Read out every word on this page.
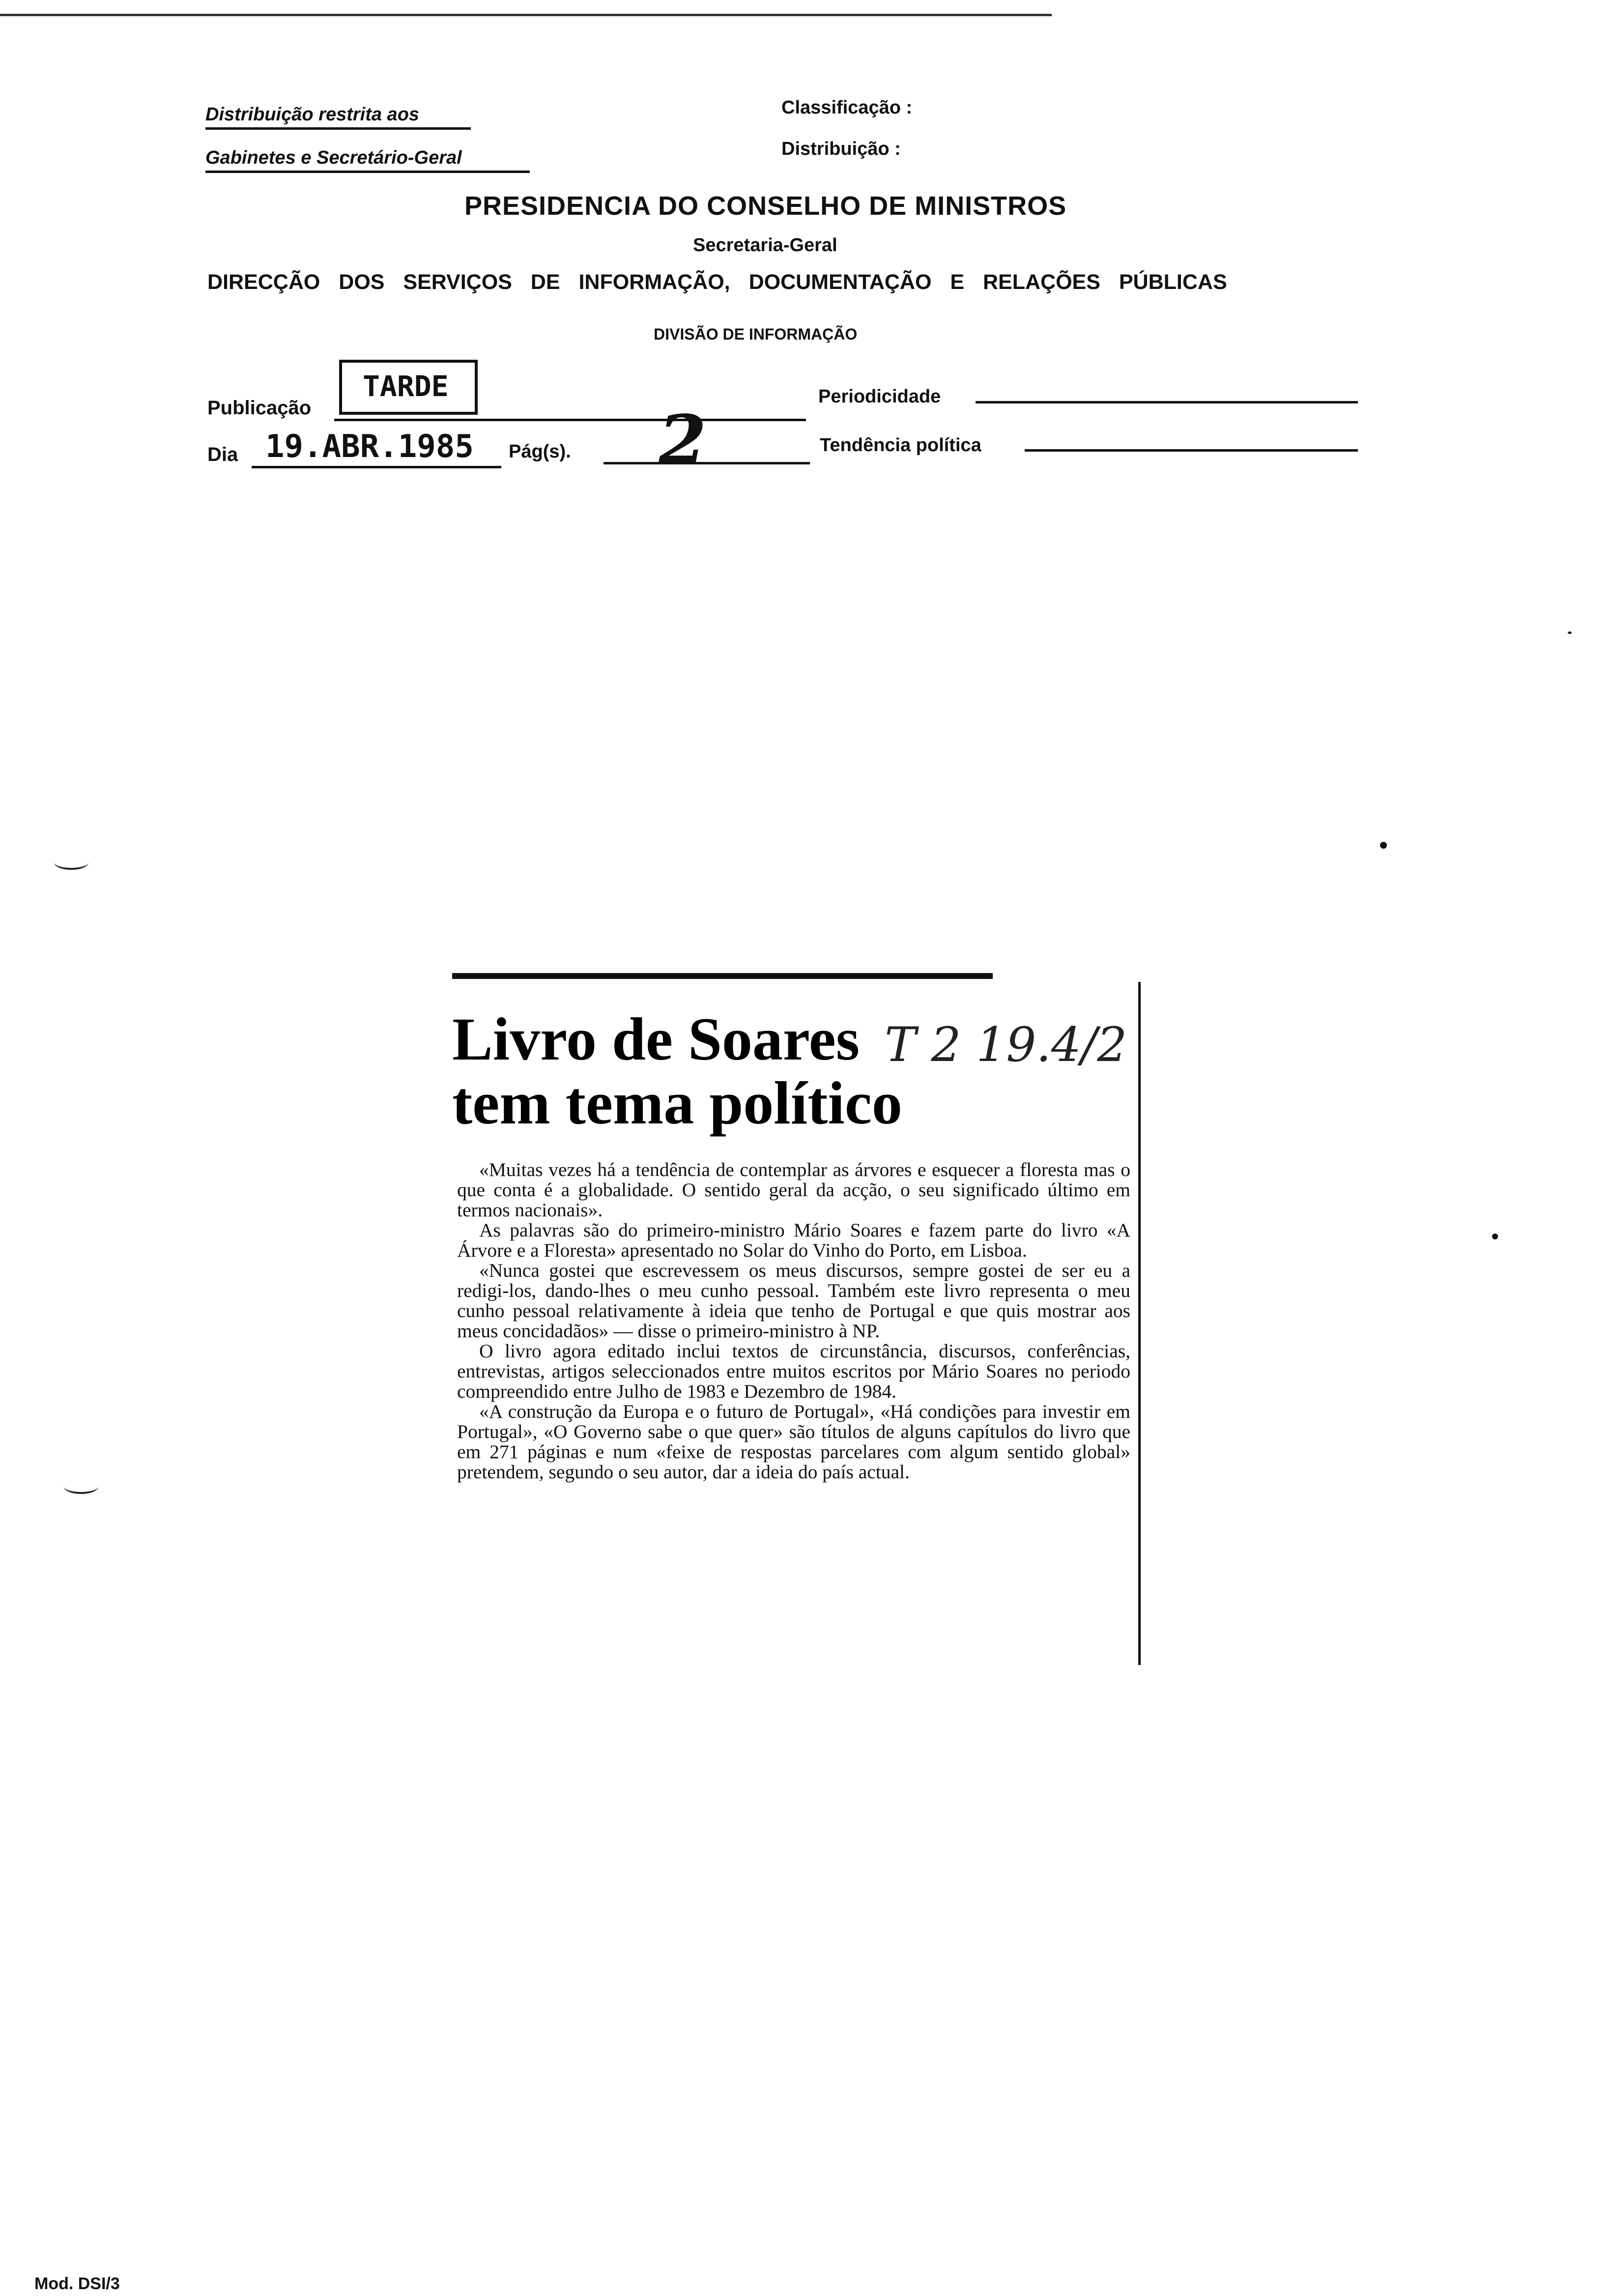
Distribuição restrita aos
Gabinetes e Secretário-Geral
Classificação :
Distribuição :
PRESIDENCIA DO CONSELHO DE MINISTROS
Secretaria-Geral
DIRECÇÃO DOS SERVIÇOS DE INFORMAÇÃO, DOCUMENTAÇÃO E RELAÇÕES PÚBLICAS
DIVISÃO DE INFORMAÇÃO
Publicação
TARDE	Periodicidade
Dia 19.ABR.1985 Pág(s). 2	Tendência política
Livro de Soares
tem tema político
T 2 19.4/2

«Muitas vezes há a tendência de contemplar as árvores e esquecer a floresta mas o que conta é a globalidade. O sentido geral da acção, o seu significado último em termos nacionais».

As palavras são do primeiro-ministro Mário Soares e fazem parte do livro «A Árvore e a Floresta» apresentado no Solar do Vinho do Porto, em Lisboa.

«Nunca gostei que escrevessem os meus discursos, sempre gostei de ser eu a redigi-los, dando-lhes o meu cunho pessoal. Também este livro representa o meu cunho pessoal relativamente à ideia que tenho de Portugal e que quis mostrar aos meus concidadãos» — disse o primeiro-ministro à NP.

O livro agora editado inclui textos de circunstância, discursos, conferências, entrevistas, artigos seleccionados entre muitos escritos por Mário Soares no periodo compreendido entre Julho de 1983 e Dezembro de 1984.

«A construção da Europa e o futuro de Portugal», «Há condições para investir em Portugal», «O Governo sabe o que quer» são títulos de alguns capítulos do livro que em 271 páginas e num «feixe de respostas parcelares com algum sentido global» pretendem, segundo o seu autor, dar a ideia do país actual.

Mod. DSI/3
